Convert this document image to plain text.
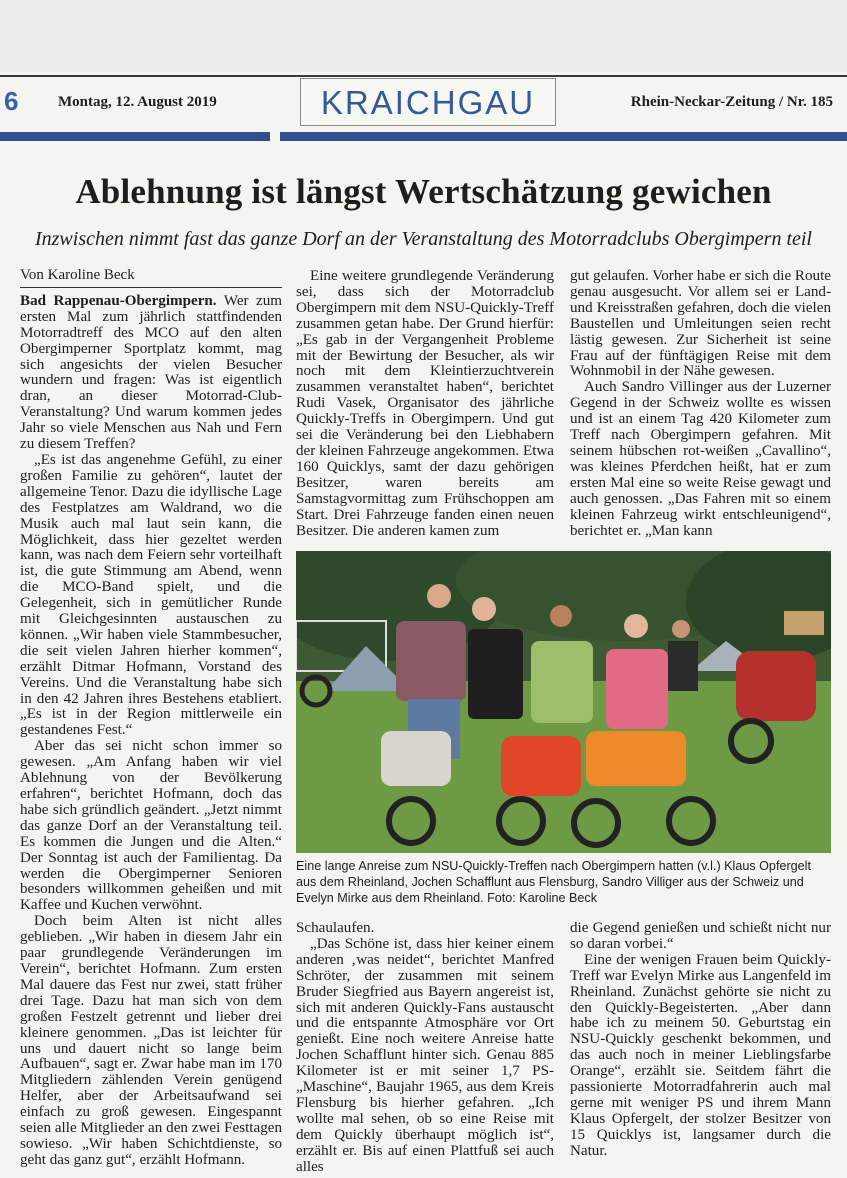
6	Montag, 12. August 2019	KRAICHGAU	Rhein-Neckar-Zeitung / Nr. 185
Ablehnung ist längst Wertschätzung gewichen
Inzwischen nimmt fast das ganze Dorf an der Veranstaltung des Motorradclubs Obergimpern teil
Von Karoline Beck

Bad Rappenau-Obergimpern. Wer zum ersten Mal zum jährlich stattfindenden Motorradtreff des MCO auf den alten Obergimperner Sportplatz kommt, mag sich angesichts der vielen Besucher wundern und fragen: Was ist eigentlich dran, an dieser Motorrad-Club-Veranstaltung? Und warum kommen jedes Jahr so viele Menschen aus Nah und Fern zu diesem Treffen?

„Es ist das angenehme Gefühl, zu einer großen Familie zu gehören“, lautet der allgemeine Tenor. Dazu die idyllische Lage des Festplatzes am Waldrand, wo die Musik auch mal laut sein kann, die Möglichkeit, dass hier gezeltet werden kann, was nach dem Feiern sehr vorteilhaft ist, die gute Stimmung am Abend, wenn die MCO-Band spielt, und die Gelegenheit, sich in gemütlicher Runde mit Gleichgesinnten austauschen zu können. „Wir haben viele Stammbesucher, die seit vielen Jahren hierher kommen“, erzählt Ditmar Hofmann, Vorstand des Vereins. Und die Veranstaltung habe sich in den 42 Jahren ihres Bestehens etabliert. „Es ist in der Region mittlerweile ein gestandenes Fest.“

Aber das sei nicht schon immer so gewesen. „Am Anfang haben wir viel Ablehnung von der Bevölkerung erfahren“, berichtet Hofmann, doch das habe sich gründlich geändert. „Jetzt nimmt das ganze Dorf an der Veranstaltung teil. Es kommen die Jungen und die Alten.“ Der Sonntag ist auch der Familientag. Da werden die Obergimperner Senioren besonders willkommen geheißen und mit Kaffee und Kuchen verwöhnt.

Doch beim Alten ist nicht alles geblieben. „Wir haben in diesem Jahr ein paar grundlegende Veränderungen im Verein“, berichtet Hofmann. Zum ersten Mal dauere das Fest nur zwei, statt früher drei Tage. Dazu hat man sich von dem großen Festzelt getrennt und lieber drei kleinere genommen. „Das ist leichter für uns und dauert nicht so lange beim Aufbauen“, sagt er. Zwar habe man im 170 Mitgliedern zählenden Verein genügend Helfer, aber der Arbeitsaufwand sei einfach zu groß gewesen. Eingespannt seien alle Mitglieder an den zwei Festtagen sowieso. „Wir haben Schichtdienste, so geht das ganz gut“, erzählt Hofmann.

Eine weitere grundlegende Veränderung sei, dass sich der Motorradclub Obergimpern mit dem NSU-Quickly-Treff zusammen getan habe. Der Grund hierfür: „Es gab in der Vergangenheit Probleme mit der Bewirtung der Besucher, als wir noch mit dem Kleintierzuchtverein zusammen veranstaltet haben“, berichtet Rudi Vasek, Organisator des jährliche Quickly-Treffs in Obergimpern. Und gut sei die Veränderung bei den Liebhabern der kleinen Fahrzeuge angekommen. Etwa 160 Quicklys, samt der dazu gehörigen Besitzer, waren bereits am Samstagvormittag zum Frühschoppen am Start. Drei Fahrzeuge fanden einen neuen Besitzer. Die anderen kamen zum

gut gelaufen. Vorher habe er sich die Route genau ausgesucht. Vor allem sei er Land- und Kreisstraßen gefahren, doch die vielen Baustellen und Umleitungen seien recht lästig gewesen. Zur Sicherheit ist seine Frau auf der fünftägigen Reise mit dem Wohnmobil in der Nähe gewesen.

Auch Sandro Villinger aus der Luzerner Gegend in der Schweiz wollte es wissen und ist an einem Tag 420 Kilometer zum Treff nach Obergimpern gefahren. Mit seinem hübschen rot-weißen „Cavallino“, was kleines Pferdchen heißt, hat er zum ersten Mal eine so weite Reise gewagt und auch genossen. „Das Fahren mit so einem kleinen Fahrzeug wirkt entschleunigend“, berichtet er. „Man kann

Eine lange Anreise zum NSU-Quickly-Treffen nach Obergimpern hatten (v.l.) Klaus Opfergelt aus dem Rheinland, Jochen Schafflunt aus Flensburg, Sandro Villiger aus der Schweiz und Evelyn Mirke aus dem Rheinland. Foto: Karoline Beck

Schaulaufen.

„Das Schöne ist, dass hier keiner einem anderen ‚was neidet“, berichtet Manfred Schröter, der zusammen mit seinem Bruder Siegfried aus Bayern angereist ist, sich mit anderen Quickly-Fans austauscht und die entspannte Atmosphäre vor Ort genießt. Eine noch weitere Anreise hatte Jochen Schafflunt hinter sich. Genau 885 Kilometer ist er mit seiner 1,7 PS-„Maschine“, Baujahr 1965, aus dem Kreis Flensburg bis hierher gefahren. „Ich wollte mal sehen, ob so eine Reise mit dem Quickly überhaupt möglich ist“, erzählt er. Bis auf einen Plattfuß sei auch alles

die Gegend genießen und schießt nicht nur so daran vorbei.“

Eine der wenigen Frauen beim Quickly-Treff war Evelyn Mirke aus Langenfeld im Rheinland. Zunächst gehörte sie nicht zu den Quickly-Begeisterten. „Aber dann habe ich zu meinem 50. Geburtstag ein NSU-Quickly geschenkt bekommen, und das auch noch in meiner Lieblingsfarbe Orange“, erzählt sie. Seitdem fährt die passionierte Motorradfahrerin auch mal gerne mit weniger PS und ihrem Mann Klaus Opfergelt, der stolzer Besitzer von 15 Quicklys ist, langsamer durch die Natur.
